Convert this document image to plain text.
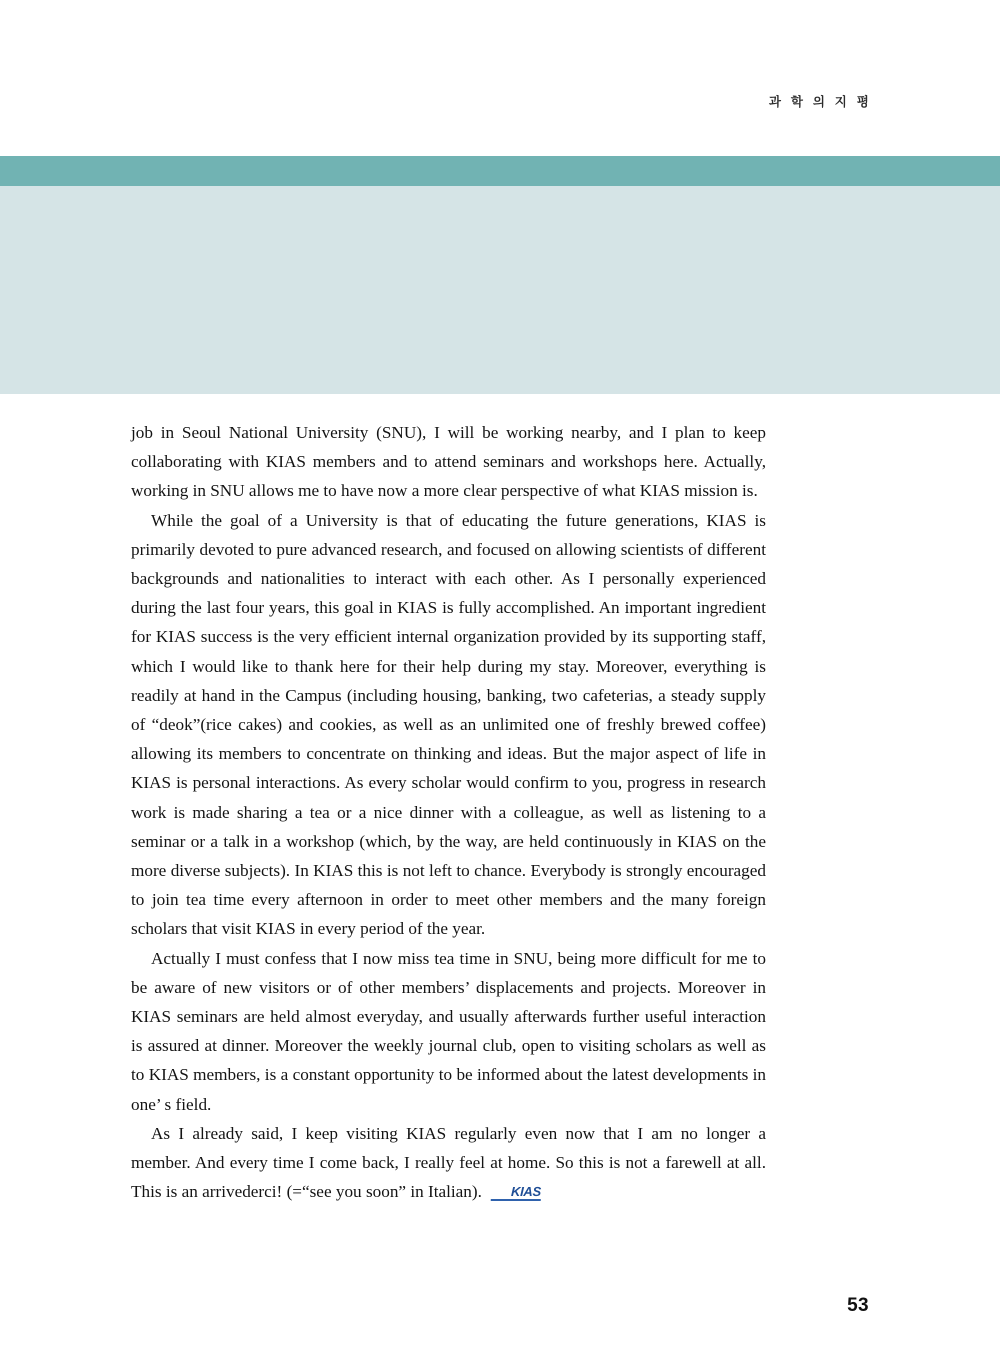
과 학 의 지 평

job in Seoul National University (SNU), I will be working nearby, and I plan to keep collaborating with KIAS members and to attend seminars and workshops here. Actually, working in SNU allows me to have now a more clear perspective of what KIAS mission is.

While the goal of a University is that of educating the future generations, KIAS is primarily devoted to pure advanced research, and focused on allowing scientists of different backgrounds and nationalities to interact with each other. As I personally experienced during the last four years, this goal in KIAS is fully accomplished. An important ingredient for KIAS success is the very efficient internal organization provided by its supporting staff, which I would like to thank here for their help during my stay. Moreover, everything is readily at hand in the Campus (including housing, banking, two cafeterias, a steady supply of “deok”(rice cakes) and cookies, as well as an unlimited one of freshly brewed coffee) allowing its members to concentrate on thinking and ideas. But the major aspect of life in KIAS is personal interactions. As every scholar would confirm to you, progress in research work is made sharing a tea or a nice dinner with a colleague, as well as listening to a seminar or a talk in a workshop (which, by the way, are held continuously in KIAS on the more diverse subjects). In KIAS this is not left to chance. Everybody is strongly encouraged to join tea time every afternoon in order to meet other members and the many foreign scholars that visit KIAS in every period of the year.

Actually I must confess that I now miss tea time in SNU, being more difficult for me to be aware of new visitors or of other members’ displacements and projects. Moreover in KIAS seminars are held almost everyday, and usually afterwards further useful interaction is assured at dinner. Moreover the weekly journal club, open to visiting scholars as well as to KIAS members, is a constant opportunity to be informed about the latest developments in one’ s field.

As I already said, I keep visiting KIAS regularly even now that I am no longer a member. And every time I come back, I really feel at home. So this is not a farewell at all. This is an arrivederci! (=“see you soon” in Italian). KIAS

53
